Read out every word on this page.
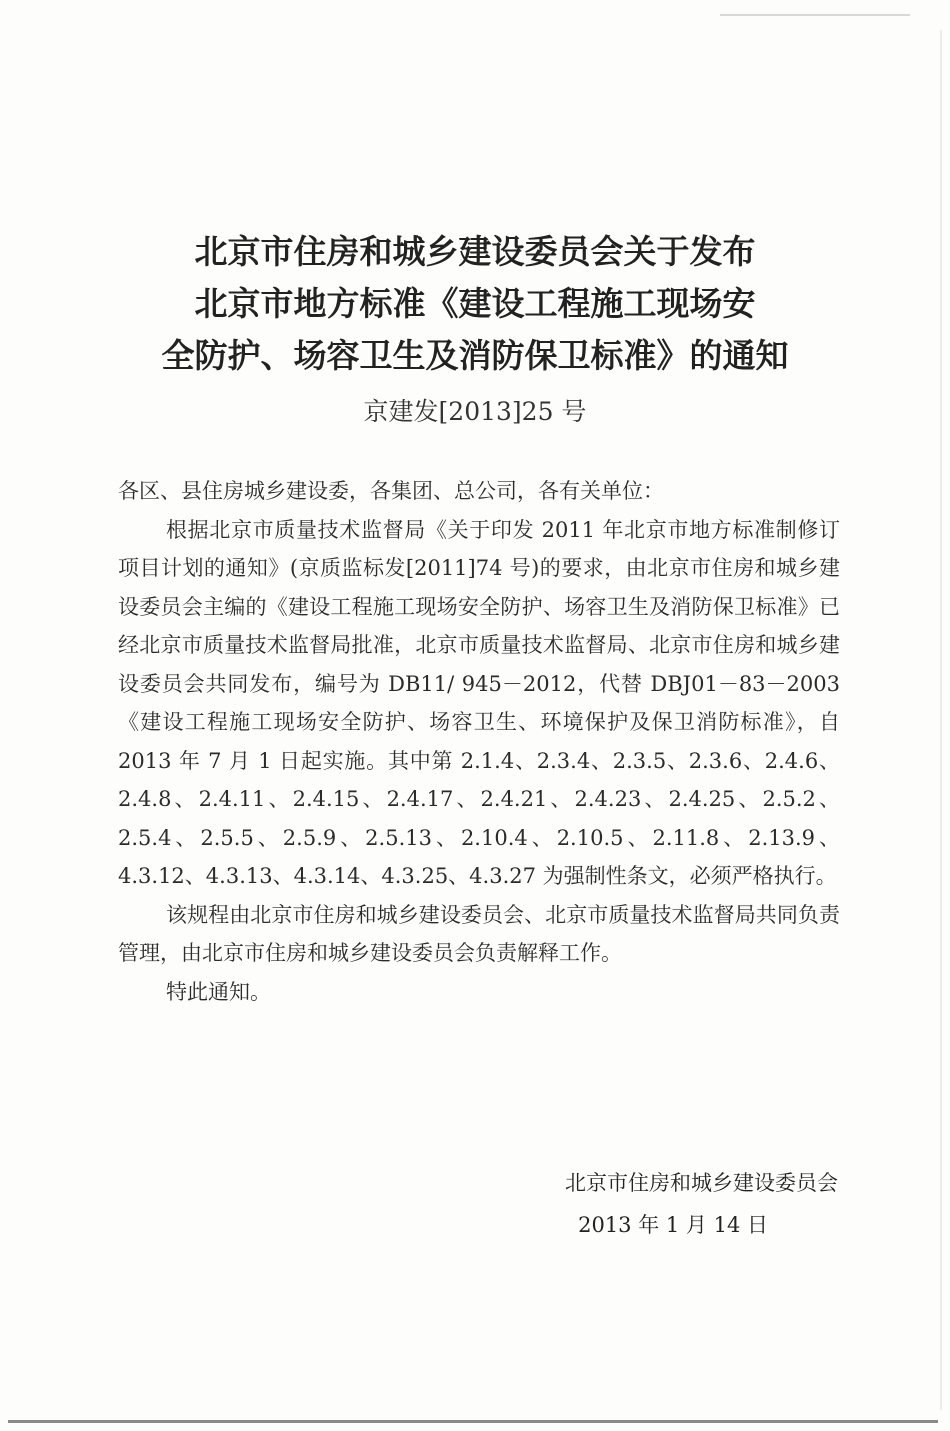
北京市住房和城乡建设委员会关于发布
北京市地方标准《建设工程施工现场安
全防护、场容卫生及消防保卫标准》的通知
京建发[2013]25 号

各区、县住房城乡建设委，各集团、总公司，各有关单位：

根据北京市质量技术监督局《关于印发 2011 年北京市地方标准制修订项目计划的通知》(京质监标发[2011]74 号)的要求，由北京市住房和城乡建设委员会主编的《建设工程施工现场安全防护、场容卫生及消防保卫标准》已经北京市质量技术监督局批准，北京市质量技术监督局、北京市住房和城乡建设委员会共同发布，编号为 DB11/ 945－2012，代替 DBJ01－83－2003《建设工程施工现场安全防护、场容卫生、环境保护及保卫消防标准》，自 2013 年 7 月 1 日起实施。其中第 2.1.4、2.3.4、2.3.5、2.3.6、2.4.6、2.4.8、2.4.11、2.4.15、2.4.17、2.4.21、2.4.23、2.4.25、2.5.2、2.5.4、2.5.5、2.5.9、2.5.13、2.10.4、2.10.5、2.11.8、2.13.9、4.3.12、4.3.13、4.3.14、4.3.25、4.3.27 为强制性条文，必须严格执行。

该规程由北京市住房和城乡建设委员会、北京市质量技术监督局共同负责管理，由北京市住房和城乡建设委员会负责解释工作。

特此通知。

北京市住房和城乡建设委员会
2013 年 1 月 14 日
